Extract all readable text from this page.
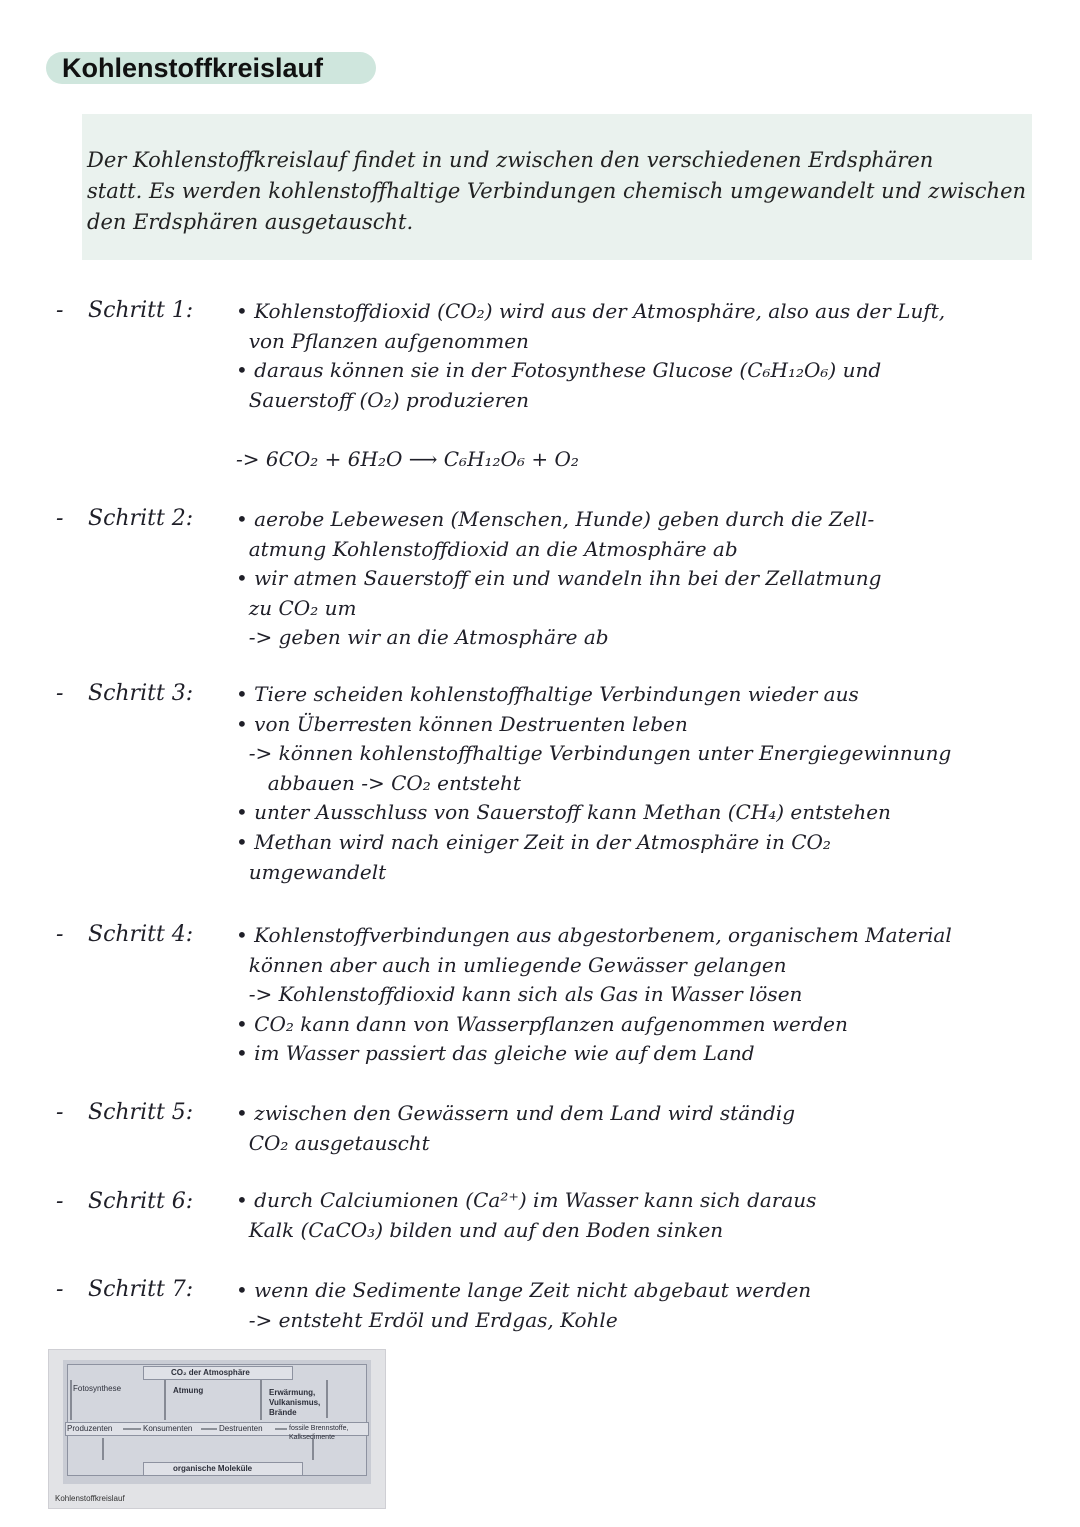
Kohlenstoffkreislauf
Der Kohlenstoffkreislauf findet in und zwischen den verschiedenen Erdsphären
statt. Es werden kohlenstoffhaltige Verbindungen chemisch umgewandelt und zwischen
den Erdsphären ausgetauscht.
- Schritt 1: • Kohlenstoffdioxid (CO₂) wird aus der Atmosphäre, also aus der Luft,
von Pflanzen aufgenommen
• daraus können sie in der Fotosynthese Glucose (C₆H₁₂O₆) und
Sauerstoff (O₂) produzieren
-> 6CO₂ + 6H₂O ⟶ C₆H₁₂O₆ + O₂
- Schritt 2: • aerobe Lebewesen (Menschen, Hunde) geben durch die Zell-
atmung Kohlenstoffdioxid an die Atmosphäre ab
• wir atmen Sauerstoff ein und wandeln ihn bei der Zellatmung
zu CO₂ um
-> geben wir an die Atmosphäre ab
- Schritt 3: • Tiere scheiden kohlenstoffhaltige Verbindungen wieder aus
• von Überresten können Destruenten leben
-> können kohlenstoffhaltige Verbindungen unter Energiegewinnung
abbauen -> CO₂ entsteht
• unter Ausschluss von Sauerstoff kann Methan (CH₄) entstehen
• Methan wird nach einiger Zeit in der Atmosphäre in CO₂
umgewandelt
- Schritt 4: • Kohlenstoffverbindungen aus abgestorbenem, organischem Material
können aber auch in umliegende Gewässer gelangen
-> Kohlenstoffdioxid kann sich als Gas in Wasser lösen
• CO₂ kann dann von Wasserpflanzen aufgenommen werden
• im Wasser passiert das gleiche wie auf dem Land
- Schritt 5: • zwischen den Gewässern und dem Land wird ständig
CO₂ ausgetauscht
- Schritt 6: • durch Calciumionen (Ca²⁺) im Wasser kann sich daraus
Kalk (CaCO₃) bilden und auf den Boden sinken
- Schritt 7: • wenn die Sedimente lange Zeit nicht abgebaut werden
-> entsteht Erdöl und Erdgas, Kohle
CO₂ der Atmosphäre
Fotosynthese	Atmung	Erwärmung,
Vulkanismus,
Brände
Produzenten	Konsumenten	Destruenten	fossile Brennstoffe,
Kalksedimente
organische Moleküle
Kohlenstoffkreislauf
